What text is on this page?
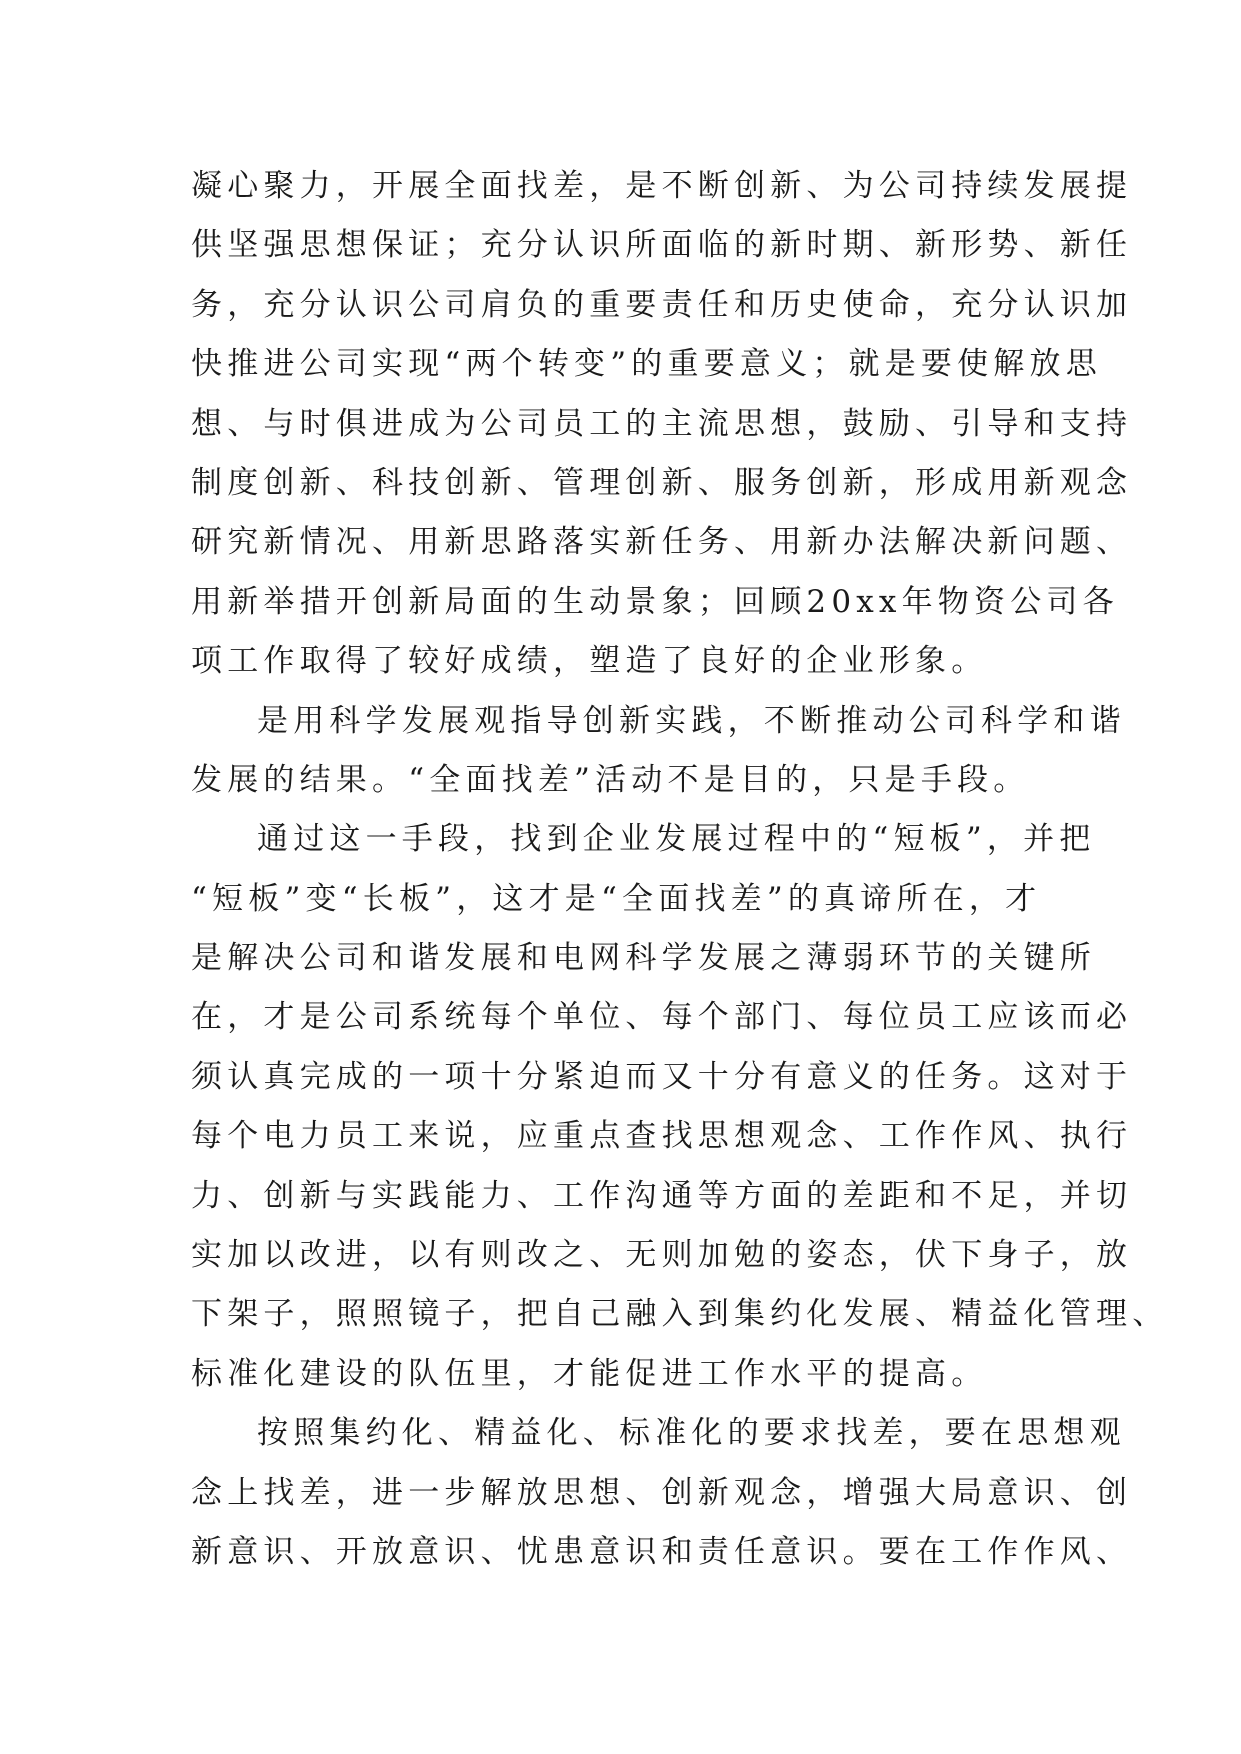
凝心聚力，开展全面找差，是不断创新、为公司持续发展提
供坚强思想保证；充分认识所面临的新时期、新形势、新任
务，充分认识公司肩负的重要责任和历史使命，充分认识加
快推进公司实现“两个转变”的重要意义；就是要使解放思
想、与时俱进成为公司员工的主流思想，鼓励、引导和支持
制度创新、科技创新、管理创新、服务创新，形成用新观念
研究新情况、用新思路落实新任务、用新办法解决新问题、
用新举措开创新局面的生动景象；回顾20xx年物资公司各
项工作取得了较好成绩，塑造了良好的企业形象。
是用科学发展观指导创新实践，不断推动公司科学和谐
发展的结果。“全面找差”活动不是目的，只是手段。
通过这一手段，找到企业发展过程中的“短板”，并把
“短板”变“长板”，这才是“全面找差”的真谛所在，才
是解决公司和谐发展和电网科学发展之薄弱环节的关键所
在，才是公司系统每个单位、每个部门、每位员工应该而必
须认真完成的一项十分紧迫而又十分有意义的任务。这对于
每个电力员工来说，应重点查找思想观念、工作作风、执行
力、创新与实践能力、工作沟通等方面的差距和不足，并切
实加以改进，以有则改之、无则加勉的姿态，伏下身子，放
下架子，照照镜子，把自己融入到集约化发展、精益化管理、
标准化建设的队伍里，才能促进工作水平的提高。
按照集约化、精益化、标准化的要求找差，要在思想观
念上找差，进一步解放思想、创新观念，增强大局意识、创
新意识、开放意识、忧患意识和责任意识。要在工作作风、
